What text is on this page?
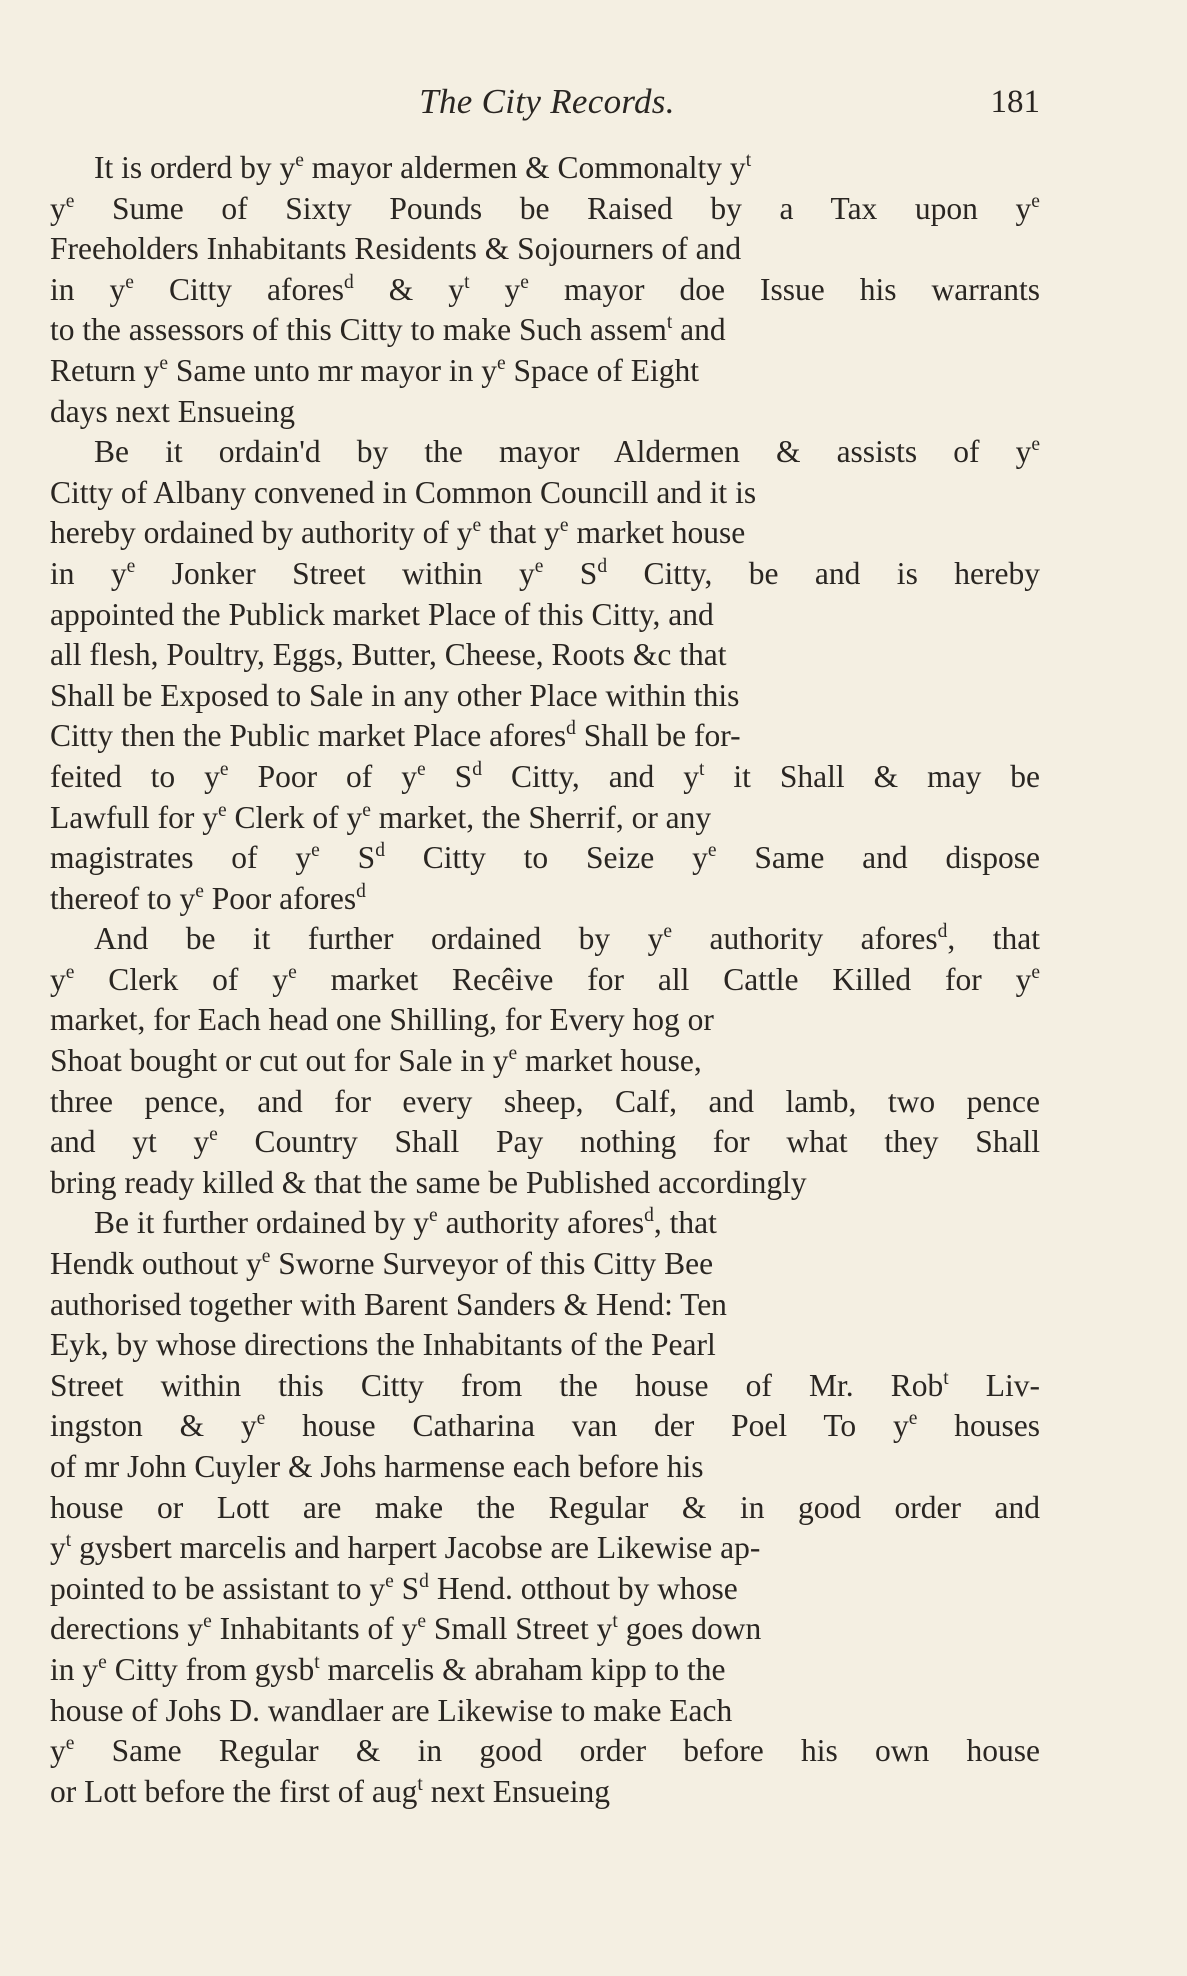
The City Records.	181
It is orderd by $y^e$ mayor aldermen & Commonalty $y^t$
$y^e$ Sume of Sixty Pounds be Raised by a Tax upon $y^e$
Freeholders Inhabitants Residents & Sojourners of and
in $y^e$ Citty afores$^d$ & $y^t$ $y^e$ mayor doe Issue his warrants
to the assessors of this Citty to make Such assem$^t$ and
Return $y^e$ Same unto mr mayor in $y^e$ Space of Eight
days next Ensueing
Be it ordain'd by the mayor Aldermen & assists of $y^e$
Citty of Albany convened in Common Councill and it is
hereby ordained by authority of $y^e$ that $y^e$ market house
in $y^e$ Jonker Street within $y^e$ $S^d$ Citty, be and is hereby
appointed the Publick market Place of this Citty, and
all flesh, Poultry, Eggs, Butter, Cheese, Roots &c that
Shall be Exposed to Sale in any other Place within this
Citty then the Public market Place afores$^d$ Shall be for-
feited to $y^e$ Poor of $y^e$ $S^d$ Citty, and $y^t$ it Shall & may be
Lawfull for $y^e$ Clerk of $y^e$ market, the Sherrif, or any
magistrates of $y^e$ $S^d$ Citty to Seize $y^e$ Same and dispose
thereof to $y^e$ Poor afores$^d$
And be it further ordained by $y^e$ authority afores$^d$, that
$y^e$ Clerk of $y^e$ market Recêive for all Cattle Killed for $y^e$
market, for Each head one Shilling, for Every hog or
Shoat bought or cut out for Sale in $y^e$ market house,
three pence, and for every sheep, Calf, and lamb, two pence
and yt $y^e$ Country Shall Pay nothing for what they Shall
bring ready killed & that the same be Published accordingly
Be it further ordained by $y^e$ authority afores$^d$, that
Hendk outhout $y^e$ Sworne Surveyor of this Citty Bee
authorised together with Barent Sanders & Hend: Ten
Eyk, by whose directions the Inhabitants of the Pearl
Street within this Citty from the house of Mr. Rob$^t$ Liv-
ingston & $y^e$ house Catharina van der Poel To $y^e$ houses
of mr John Cuyler & Johs harmense each before his
house or Lott are make the Regular & in good order and
$y^t$ gysbert marcelis and harpert Jacobse are Likewise ap-
pointed to be assistant to $y^e$ $S^d$ Hend. otthout by whose
derections $y^e$ Inhabitants of $y^e$ Small Street $y^t$ goes down
in $y^e$ Citty from gysb$^t$ marcelis & abraham kipp to the
house of Johs D. wandlaer are Likewise to make Each
$y^e$ Same Regular & in good order before his own house
or Lott before the first of aug$^t$ next Ensueing
